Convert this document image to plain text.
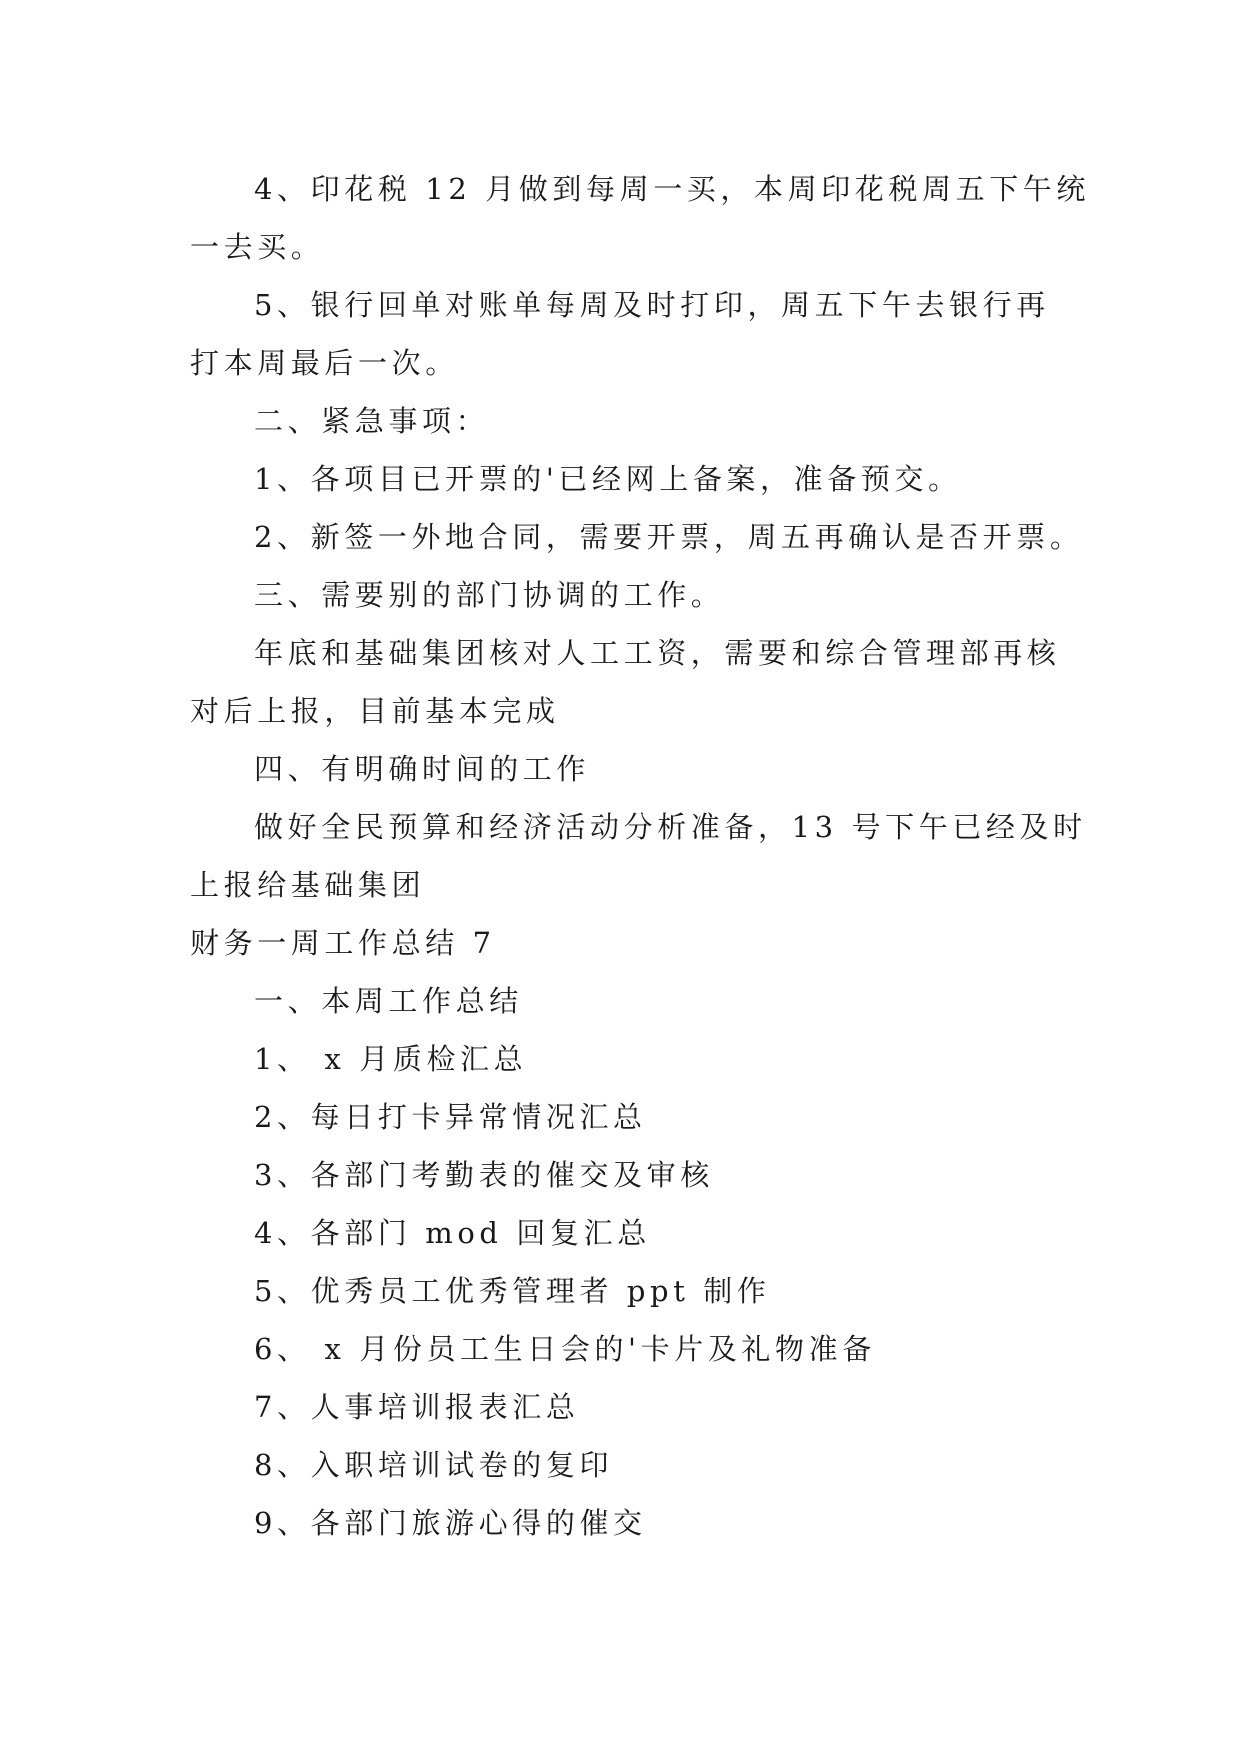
4、印花税 12 月做到每周一买，本周印花税周五下午统
一去买。
5、银行回单对账单每周及时打印，周五下午去银行再
打本周最后一次。
二、紧急事项：
1、各项目已开票的'已经网上备案，准备预交。
2、新签一外地合同，需要开票，周五再确认是否开票。
三、需要别的部门协调的工作。
年底和基础集团核对人工工资，需要和综合管理部再核
对后上报，目前基本完成
四、有明确时间的工作
做好全民预算和经济活动分析准备，13 号下午已经及时
上报给基础集团
财务一周工作总结 7
一、本周工作总结
1、 x 月质检汇总
2、每日打卡异常情况汇总
3、各部门考勤表的催交及审核
4、各部门 mod 回复汇总
5、优秀员工优秀管理者 ppt 制作
6、 x 月份员工生日会的'卡片及礼物准备
7、人事培训报表汇总
8、入职培训试卷的复印
9、各部门旅游心得的催交
